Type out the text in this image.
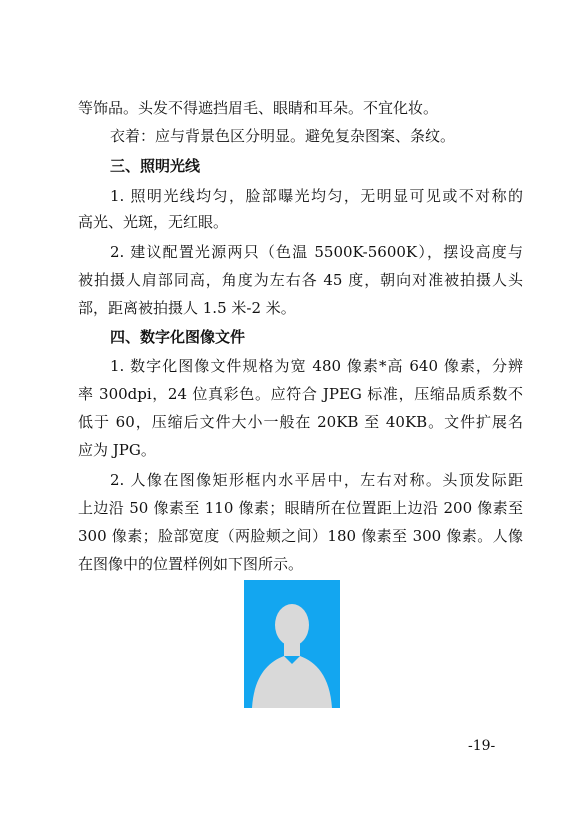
等饰品。头发不得遮挡眉毛、眼睛和耳朵。不宜化妆。
衣着：应与背景色区分明显。避免复杂图案、条纹。
三、照明光线
1. 照明光线均匀，脸部曝光均匀，无明显可见或不对称的
高光、光斑，无红眼。
2. 建议配置光源两只（色温 5500K-5600K），摆设高度与
被拍摄人肩部同高，角度为左右各 45 度，朝向对准被拍摄人头
部，距离被拍摄人 1.5 米-2 米。
四、数字化图像文件
1. 数字化图像文件规格为宽 480 像素*高 640 像素，分辨
率 300dpi，24 位真彩色。应符合 JPEG 标准，压缩品质系数不
低于 60，压缩后文件大小一般在 20KB 至 40KB。文件扩展名
应为 JPG。
2. 人像在图像矩形框内水平居中，左右对称。头顶发际距
上边沿 50 像素至 110 像素；眼睛所在位置距上边沿 200 像素至
300 像素；脸部宽度（两脸颊之间）180 像素至 300 像素。人像
在图像中的位置样例如下图所示。
-19-
